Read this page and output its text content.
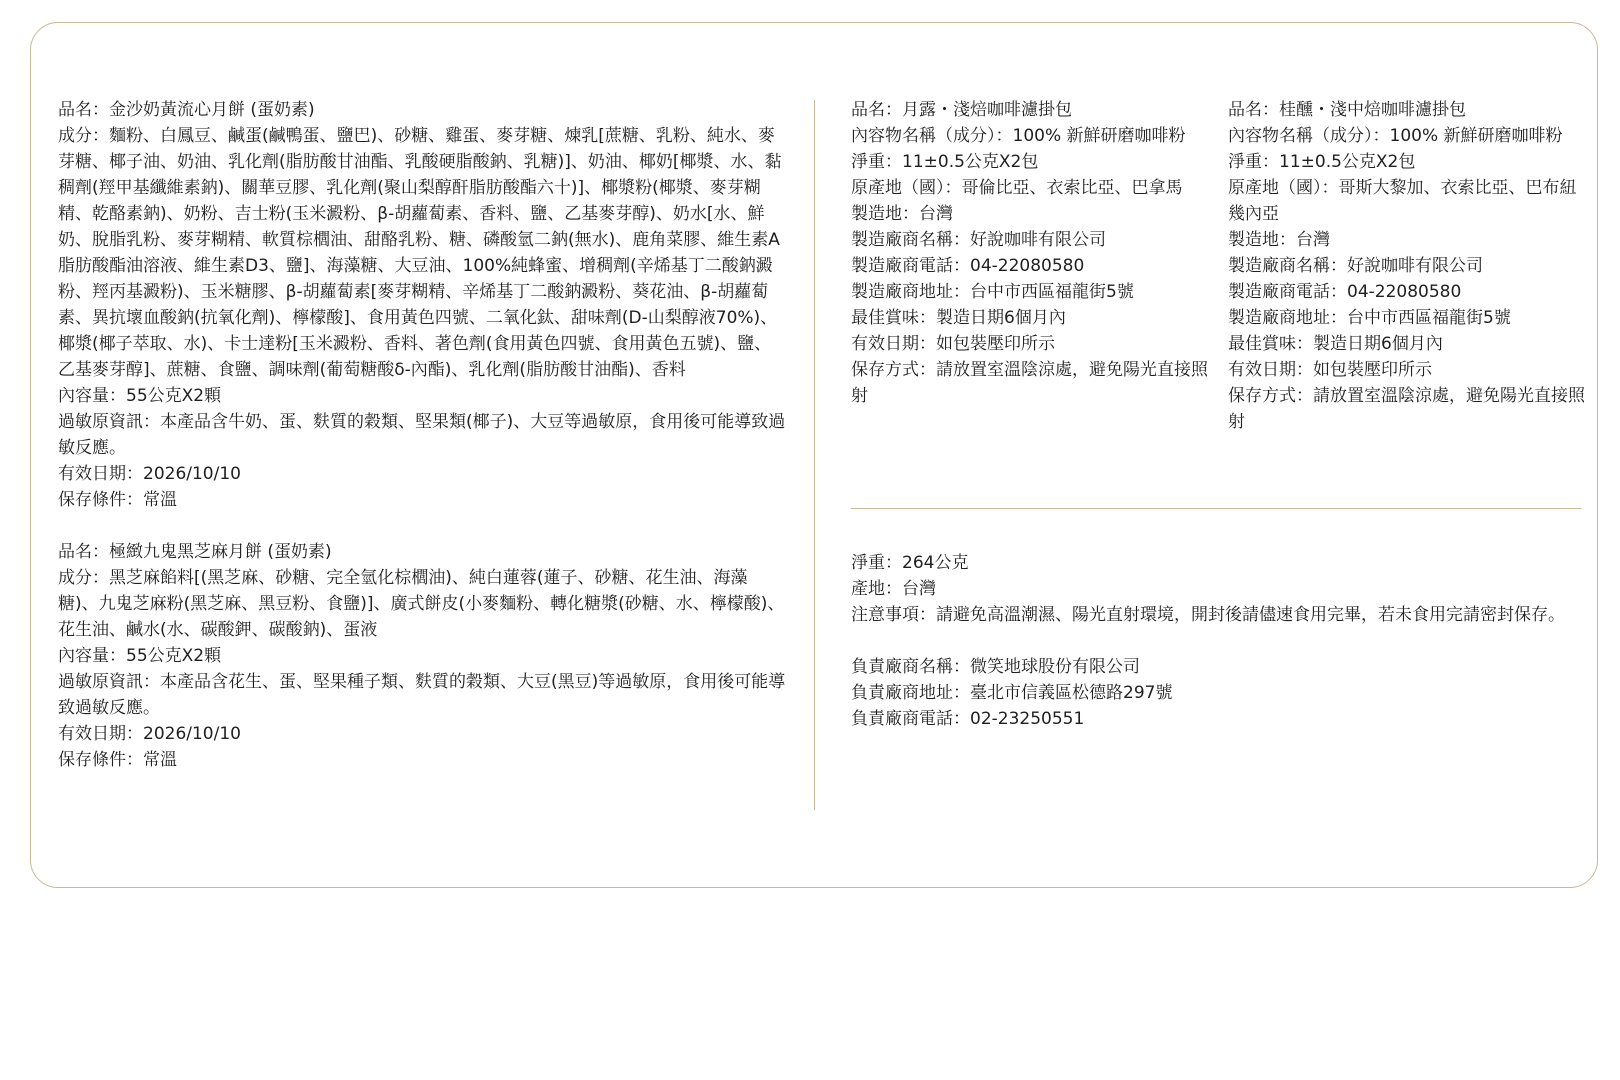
品名：金沙奶黃流心月餅 (蛋奶素)

成分：麵粉、白鳳豆、鹹蛋(鹹鴨蛋、鹽巴)、砂糖、雞蛋、麥芽糖、煉乳[蔗糖、乳粉、純水、麥芽糖、椰子油、奶油、乳化劑(脂肪酸甘油酯、乳酸硬脂酸鈉、乳糖)]、奶油、椰奶[椰漿、水、黏稠劑(羥甲基纖維素鈉)、關華豆膠、乳化劑(聚山梨醇酐脂肪酸酯六十)]、椰漿粉(椰漿、麥芽糊精、乾酪素鈉)、奶粉、吉士粉(玉米澱粉、β-胡蘿蔔素、香料、鹽、乙基麥芽醇)、奶水[水、鮮奶、脫脂乳粉、麥芽糊精、軟質棕櫚油、甜酪乳粉、糖、磷酸氫二鈉(無水)、鹿角菜膠、維生素A脂肪酸酯油溶液、維生素D3、鹽]、海藻糖、大豆油、100%純蜂蜜、增稠劑(辛烯基丁二酸鈉澱粉、羥丙基澱粉)、玉米糖膠、β-胡蘿蔔素[麥芽糊精、辛烯基丁二酸鈉澱粉、葵花油、β-胡蘿蔔素、異抗壞血酸鈉(抗氧化劑)、檸檬酸]、食用黃色四號、二氧化鈦、甜味劑(D-山梨醇液70%)、椰漿(椰子萃取、水)、卡士達粉[玉米澱粉、香料、著色劑(食用黃色四號、食用黃色五號)、鹽、乙基麥芽醇]、蔗糖、食鹽、調味劑(葡萄糖酸δ-內酯)、乳化劑(脂肪酸甘油酯)、香料

內容量：55公克X2顆

過敏原資訊：本產品含牛奶、蛋、麩質的穀類、堅果類(椰子)、大豆等過敏原，食用後可能導致過敏反應。

有效日期：2026/10/10

保存條件：常溫

品名：極緻九鬼黑芝麻月餅 (蛋奶素)

成分：黑芝麻餡料[(黑芝麻、砂糖、完全氫化棕櫚油)、純白蓮蓉(蓮子、砂糖、花生油、海藻糖)、九鬼芝麻粉(黑芝麻、黑豆粉、食鹽)]、廣式餅皮(小麥麵粉、轉化糖漿(砂糖、水、檸檬酸)、花生油、鹹水(水、碳酸鉀、碳酸鈉)、蛋液

內容量：55公克X2顆

過敏原資訊：本產品含花生、蛋、堅果種子類、麩質的穀類、大豆(黑豆)等過敏原，食用後可能導致過敏反應。

有效日期：2026/10/10

保存條件：常溫

品名：月露・淺焙咖啡濾掛包

內容物名稱（成分）：100% 新鮮研磨咖啡粉

淨重：11±0.5公克X2包

原產地（國）：哥倫比亞、衣索比亞、巴拿馬

製造地：台灣

製造廠商名稱：好說咖啡有限公司

製造廠商電話：04-22080580

製造廠商地址：台中市西區福龍街5號

最佳賞味：製造日期6個月內

有效日期：如包裝壓印所示

保存方式：請放置室溫陰涼處，避免陽光直接照射

品名：桂醺・淺中焙咖啡濾掛包

內容物名稱（成分）：100% 新鮮研磨咖啡粉

淨重：11±0.5公克X2包

原產地（國）：哥斯大黎加、衣索比亞、巴布紐幾內亞

製造地：台灣

製造廠商名稱：好說咖啡有限公司

製造廠商電話：04-22080580

製造廠商地址：台中市西區福龍街5號

最佳賞味：製造日期6個月內

有效日期：如包裝壓印所示

保存方式：請放置室溫陰涼處，避免陽光直接照射

淨重：264公克

產地：台灣

注意事項：請避免高溫潮濕、陽光直射環境，開封後請儘速食用完畢，若未食用完請密封保存。

負責廠商名稱：微笑地球股份有限公司

負責廠商地址：臺北市信義區松德路297號

負責廠商電話：02-23250551
